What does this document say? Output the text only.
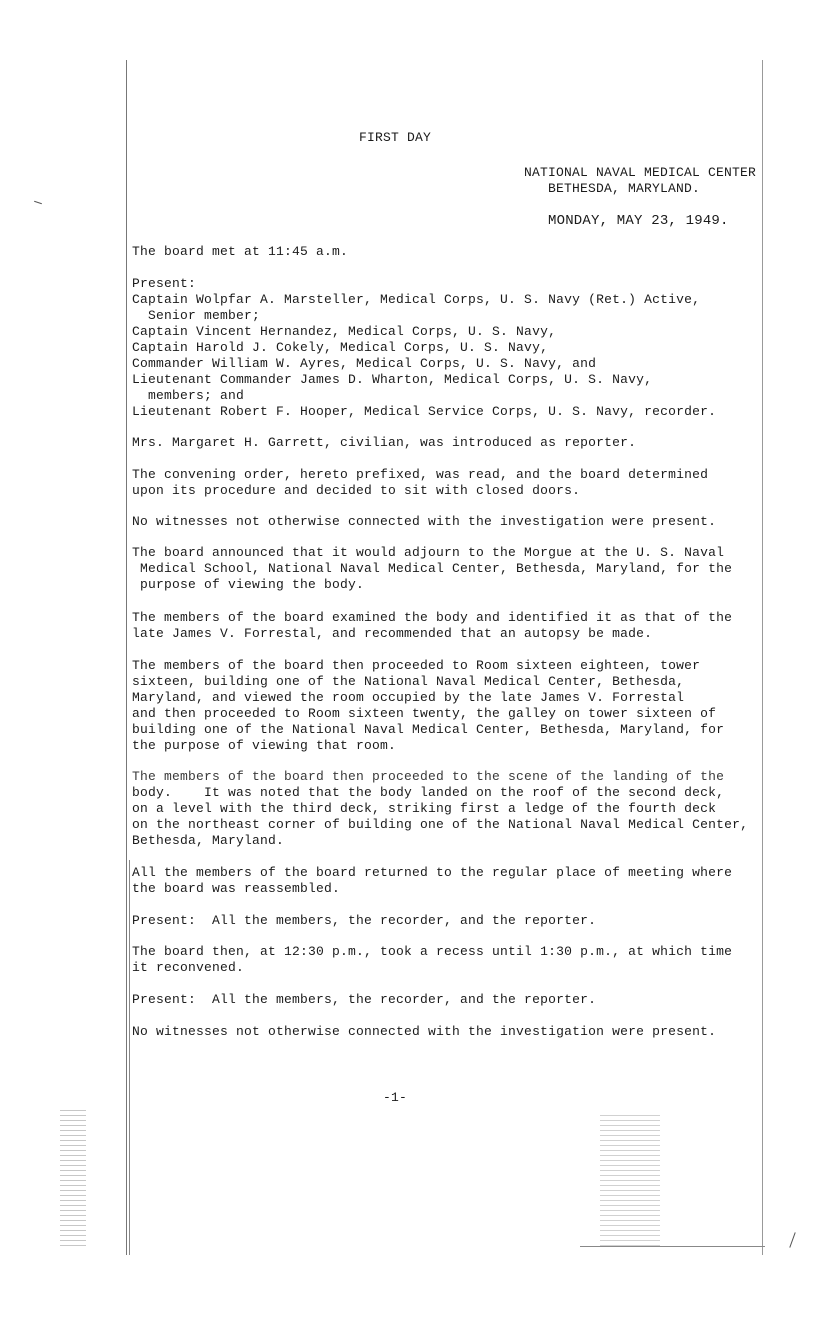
FIRST DAY
NATIONAL NAVAL MEDICAL CENTER
BETHESDA, MARYLAND.
MONDAY, MAY 23, 1949.
The board met at 11:45 a.m.
Present:
Captain Wolpfar A. Marsteller, Medical Corps, U. S. Navy (Ret.) Active,
Senior member;
Captain Vincent Hernandez, Medical Corps, U. S. Navy,
Captain Harold J. Cokely, Medical Corps, U. S. Navy,
Commander William W. Ayres, Medical Corps, U. S. Navy, and
Lieutenant Commander James D. Wharton, Medical Corps, U. S. Navy,
members; and
Lieutenant Robert F. Hooper, Medical Service Corps, U. S. Navy, recorder.
Mrs. Margaret H. Garrett, civilian, was introduced as reporter.
The convening order, hereto prefixed, was read, and the board determined
upon its procedure and decided to sit with closed doors.
No witnesses not otherwise connected with the investigation were present.
The board announced that it would adjourn to the Morgue at the U. S. Naval
Medical School, National Naval Medical Center, Bethesda, Maryland, for the
purpose of viewing the body.
The members of the board examined the body and identified it as that of the
late James V. Forrestal, and recommended that an autopsy be made.
The members of the board then proceeded to Room sixteen eighteen, tower
sixteen, building one of the National Naval Medical Center, Bethesda,
Maryland, and viewed the room occupied by the late James V. Forrestal
and then proceeded to Room sixteen twenty, the galley on tower sixteen of
building one of the National Naval Medical Center, Bethesda, Maryland, for
the purpose of viewing that room.
The members of the board then proceeded to the scene of the landing of the
body.    It was noted that the body landed on the roof of the second deck,
on a level with the third deck, striking first a ledge of the fourth deck
on the northeast corner of building one of the National Naval Medical Center,
Bethesda, Maryland.
All the members of the board returned to the regular place of meeting where
the board was reassembled.
Present:  All the members, the recorder, and the reporter.
The board then, at 12:30 p.m., took a recess until 1:30 p.m., at which time
it reconvened.
Present:  All the members, the recorder, and the reporter.
No witnesses not otherwise connected with the investigation were present.
-1-
